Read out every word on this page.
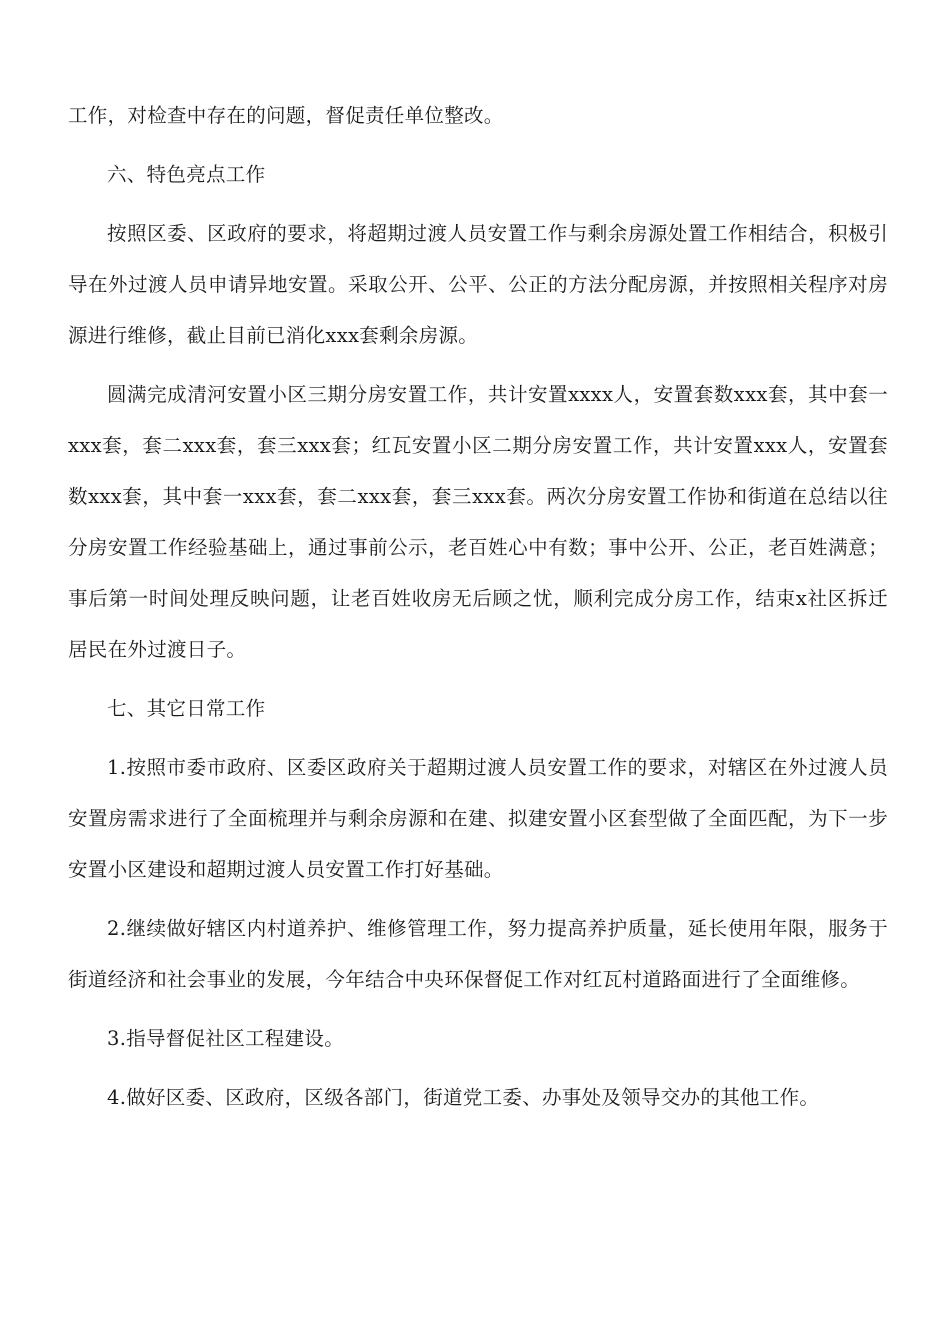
工作，对检查中存在的问题，督促责任单位整改。

六、特色亮点工作

按照区委、区政府的要求，将超期过渡人员安置工作与剩余房源处置工作相结合，积极引导在外过渡人员申请异地安置。采取公开、公平、公正的方法分配房源，并按照相关程序对房源进行维修，截止目前已消化xxx套剩余房源。

圆满完成清河安置小区三期分房安置工作，共计安置xxxx人，安置套数xxx套，其中套一xxx套，套二xxx套，套三xxx套；红瓦安置小区二期分房安置工作，共计安置xxx人，安置套数xxx套，其中套一xxx套，套二xxx套，套三xxx套。两次分房安置工作协和街道在总结以往分房安置工作经验基础上，通过事前公示，老百姓心中有数；事中公开、公正，老百姓满意；事后第一时间处理反映问题，让老百姓收房无后顾之忧，顺利完成分房工作，结束x社区拆迁居民在外过渡日子。

七、其它日常工作

1.按照市委市政府、区委区政府关于超期过渡人员安置工作的要求，对辖区在外过渡人员安置房需求进行了全面梳理并与剩余房源和在建、拟建安置小区套型做了全面匹配，为下一步安置小区建设和超期过渡人员安置工作打好基础。

2.继续做好辖区内村道养护、维修管理工作，努力提高养护质量，延长使用年限，服务于街道经济和社会事业的发展，今年结合中央环保督促工作对红瓦村道路面进行了全面维修。

3.指导督促社区工程建设。

4.做好区委、区政府，区级各部门，街道党工委、办事处及领导交办的其他工作。
